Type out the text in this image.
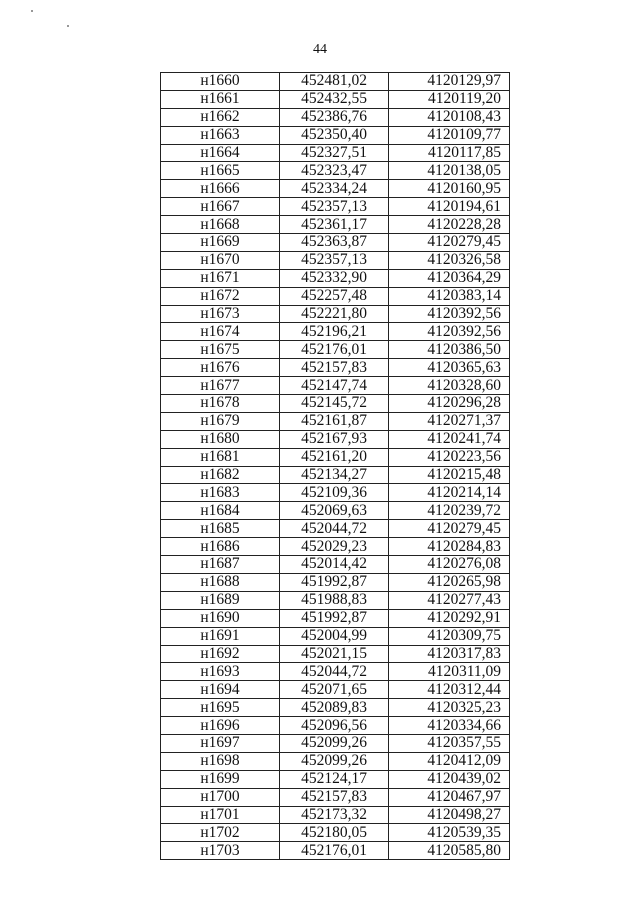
44
н1660	452481,02	4120129,97
н1661	452432,55	4120119,20
н1662	452386,76	4120108,43
н1663	452350,40	4120109,77
н1664	452327,51	4120117,85
н1665	452323,47	4120138,05
н1666	452334,24	4120160,95
н1667	452357,13	4120194,61
н1668	452361,17	4120228,28
н1669	452363,87	4120279,45
н1670	452357,13	4120326,58
н1671	452332,90	4120364,29
н1672	452257,48	4120383,14
н1673	452221,80	4120392,56
н1674	452196,21	4120392,56
н1675	452176,01	4120386,50
н1676	452157,83	4120365,63
н1677	452147,74	4120328,60
н1678	452145,72	4120296,28
н1679	452161,87	4120271,37
н1680	452167,93	4120241,74
н1681	452161,20	4120223,56
н1682	452134,27	4120215,48
н1683	452109,36	4120214,14
н1684	452069,63	4120239,72
н1685	452044,72	4120279,45
н1686	452029,23	4120284,83
н1687	452014,42	4120276,08
н1688	451992,87	4120265,98
н1689	451988,83	4120277,43
н1690	451992,87	4120292,91
н1691	452004,99	4120309,75
н1692	452021,15	4120317,83
н1693	452044,72	4120311,09
н1694	452071,65	4120312,44
н1695	452089,83	4120325,23
н1696	452096,56	4120334,66
н1697	452099,26	4120357,55
н1698	452099,26	4120412,09
н1699	452124,17	4120439,02
н1700	452157,83	4120467,97
н1701	452173,32	4120498,27
н1702	452180,05	4120539,35
н1703	452176,01	4120585,80
